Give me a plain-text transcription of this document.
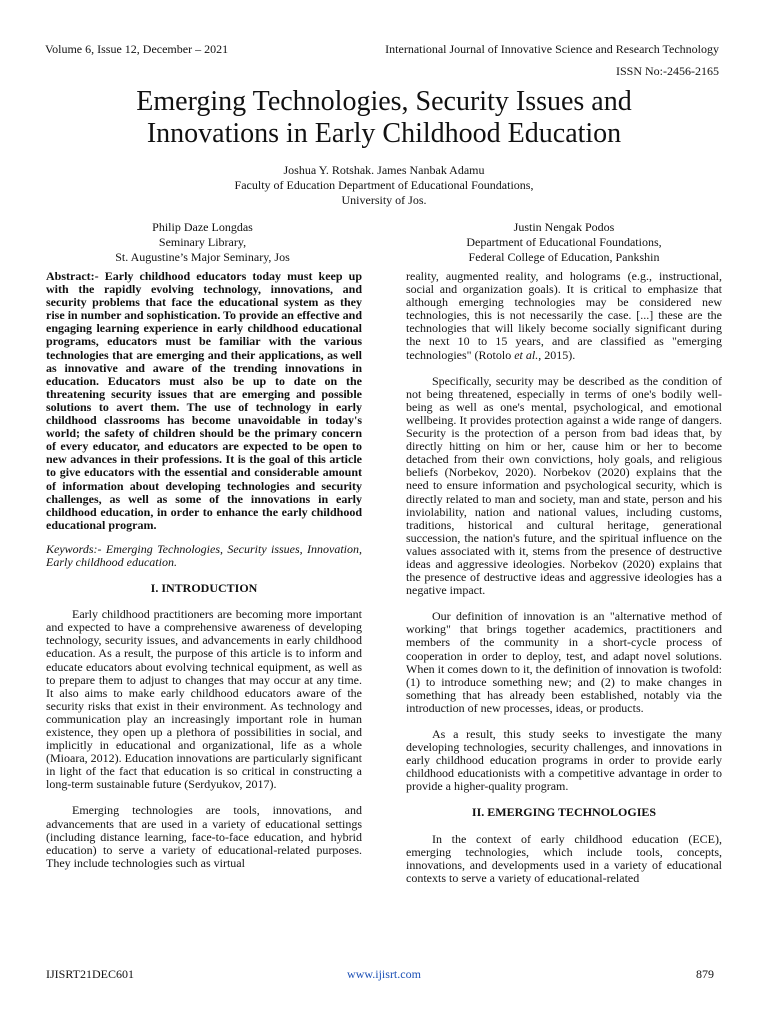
Volume 6, Issue 12, December – 2021	International Journal of Innovative Science and Research Technology
ISSN No:-2456-2165
Emerging Technologies, Security Issues and
Innovations in Early Childhood Education
Joshua Y. Rotshak. James Nanbak Adamu
Faculty of Education Department of Educational Foundations,
University of Jos.
Philip Daze Longdas
Seminary Library,
St. Augustine’s Major Seminary, Jos
Justin Nengak Podos
Department of Educational Foundations,
Federal College of Education, Pankshin

Abstract:- Early childhood educators today must keep up with the rapidly evolving technology, innovations, and security problems that face the educational system as they rise in number and sophistication. To provide an effective and engaging learning experience in early childhood educational programs, educators must be familiar with the various technologies that are emerging and their applications, as well as innovative and aware of the trending innovations in education. Educators must also be up to date on the threatening security issues that are emerging and possible solutions to avert them. The use of technology in early childhood classrooms has become unavoidable in today's world; the safety of children should be the primary concern of every educator, and educators are expected to be open to new advances in their professions. It is the goal of this article to give educators with the essential and considerable amount of information about developing technologies and security challenges, as well as some of the innovations in early childhood education, in order to enhance the early childhood educational program.

Keywords:- Emerging Technologies, Security issues, Innovation, Early childhood education.

I. INTRODUCTION

Early childhood practitioners are becoming more important and expected to have a comprehensive awareness of developing technology, security issues, and advancements in early childhood education. As a result, the purpose of this article is to inform and educate educators about evolving technical equipment, as well as to prepare them to adjust to changes that may occur at any time. It also aims to make early childhood educators aware of the security risks that exist in their environment. As technology and communication play an increasingly important role in human existence, they open up a plethora of possibilities in social, and implicitly in educational and organizational, life as a whole (Mioara, 2012). Education innovations are particularly significant in light of the fact that education is so critical in constructing a long-term sustainable future (Serdyukov, 2017).

Emerging technologies are tools, innovations, and advancements that are used in a variety of educational settings (including distance learning, face-to-face education, and hybrid education) to serve a variety of educational-related purposes. They include technologies such as virtual

reality, augmented reality, and holograms (e.g., instructional, social and organization goals). It is critical to emphasize that although emerging technologies may be considered new technologies, this is not necessarily the case. [...] these are the technologies that will likely become socially significant during the next 10 to 15 years, and are classified as "emerging technologies" (Rotolo et al., 2015).

Specifically, security may be described as the condition of not being threatened, especially in terms of one's bodily well-being as well as one's mental, psychological, and emotional wellbeing. It provides protection against a wide range of dangers. Security is the protection of a person from bad ideas that, by directly hitting on him or her, cause him or her to become detached from their own convictions, holy goals, and religious beliefs (Norbekov, 2020). Norbekov (2020) explains that the need to ensure information and psychological security, which is directly related to man and society, man and state, person and his inviolability, nation and national values, including customs, traditions, historical and cultural heritage, generational succession, the nation's future, and the spiritual influence on the values associated with it, stems from the presence of destructive ideas and aggressive ideologies. Norbekov (2020) explains that the presence of destructive ideas and aggressive ideologies has a negative impact.

Our definition of innovation is an "alternative method of working" that brings together academics, practitioners and members of the community in a short-cycle process of cooperation in order to deploy, test, and adapt novel solutions. When it comes down to it, the definition of innovation is twofold: (1) to introduce something new; and (2) to make changes in something that has already been established, notably via the introduction of new processes, ideas, or products.

As a result, this study seeks to investigate the many developing technologies, security challenges, and innovations in early childhood education programs in order to provide early childhood educationists with a competitive advantage in order to provide a higher-quality program.

II. EMERGING TECHNOLOGIES

In the context of early childhood education (ECE), emerging technologies, which include tools, concepts, innovations, and developments used in a variety of educational contexts to serve a variety of educational-related

IJISRT21DEC601	www.ijisrt.com	879
